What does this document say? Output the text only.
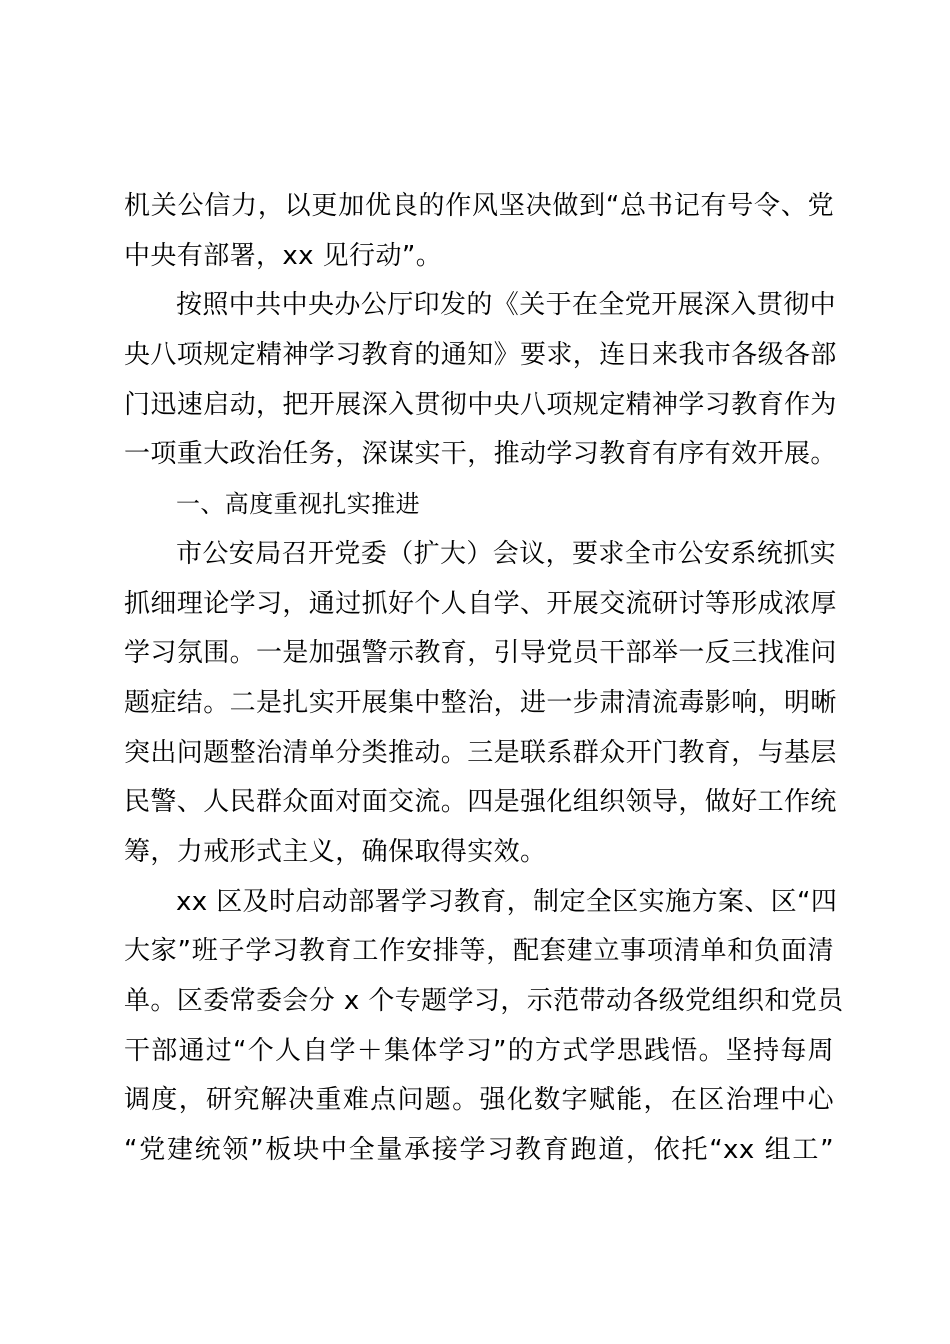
机关公信力，以更加优良的作风坚决做到“总书记有号令、党
中央有部署，xx 见行动”。
按照中共中央办公厅印发的《关于在全党开展深入贯彻中
央八项规定精神学习教育的通知》要求，连日来我市各级各部
门迅速启动，把开展深入贯彻中央八项规定精神学习教育作为
一项重大政治任务，深谋实干，推动学习教育有序有效开展。
一、高度重视扎实推进
市公安局召开党委（扩大）会议，要求全市公安系统抓实
抓细理论学习，通过抓好个人自学、开展交流研讨等形成浓厚
学习氛围。一是加强警示教育，引导党员干部举一反三找准问
题症结。二是扎实开展集中整治，进一步肃清流毒影响，明晰
突出问题整治清单分类推动。三是联系群众开门教育，与基层
民警、人民群众面对面交流。四是强化组织领导，做好工作统
筹，力戒形式主义，确保取得实效。
xx 区及时启动部署学习教育，制定全区实施方案、区“四
大家”班子学习教育工作安排等，配套建立事项清单和负面清
单。区委常委会分 x 个专题学习，示范带动各级党组织和党员
干部通过“个人自学＋集体学习”的方式学思践悟。坚持每周
调度，研究解决重难点问题。强化数字赋能，在区治理中心
“党建统领”板块中全量承接学习教育跑道，依托“xx 组工”
